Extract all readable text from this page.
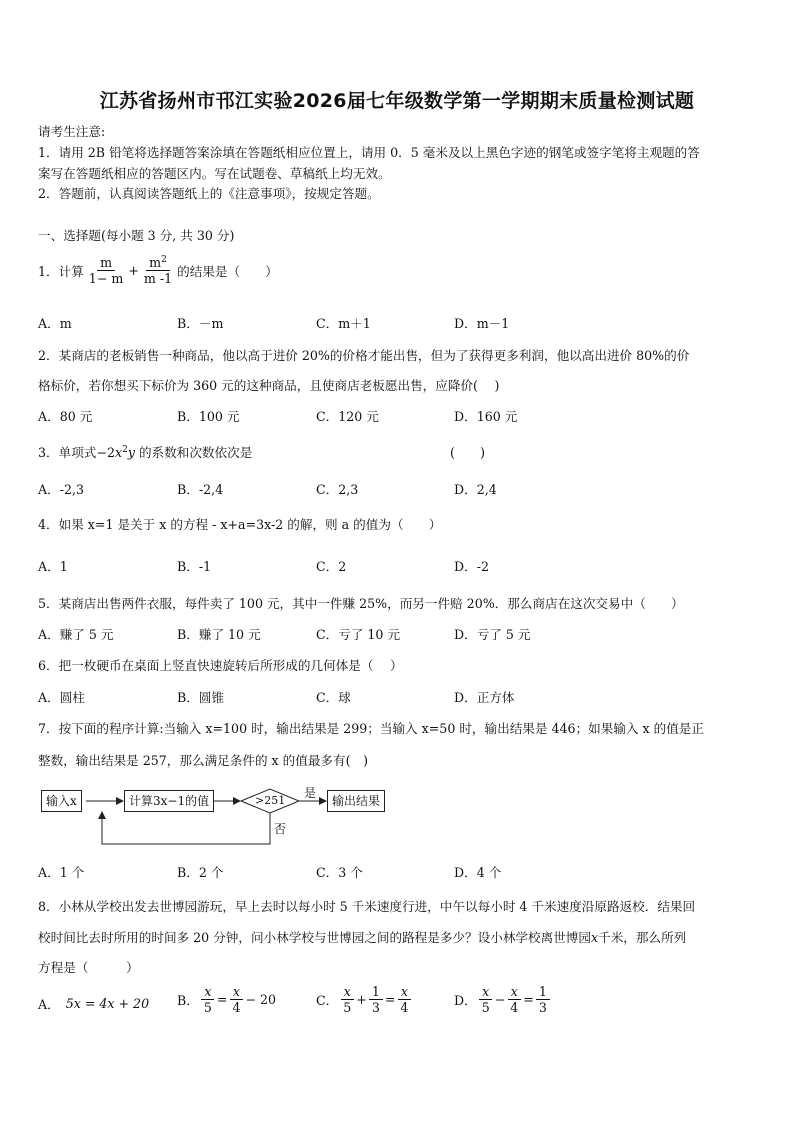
江苏省扬州市邗江实验2026届七年级数学第一学期期末质量检测试题
请考生注意:
1．请用 2B 铅笔将选择题答案涂填在答题纸相应位置上，请用 0．5 毫米及以上黑色字迹的钢笔或签字笔将主观题的答
案写在答题纸相应的答题区内。写在试题卷、草稿纸上均无效。
2．答题前，认真阅读答题纸上的《注意事项》，按规定答题。
一、选择题(每小题 3 分, 共 30 分)
1．计算 $\frac{m}{1- m} + \frac{m^2}{m -1}$ 的结果是（　　）
A．m	B．－m	C．m＋1	D．m－1
2．某商店的老板销售一种商品，他以高于进价 20%的价格才能出售，但为了获得更多利润，他以高出进价 80%的价
格标价，若你想买下标价为 360 元的这种商品，且使商店老板愿出售，应降价(　 )
A．80 元	B．100 元	C．120 元	D．160 元
3．单项式$-2x^2y$ 的系数和次数依次是	(　　)
A．-2,3	B．-2,4	C．2,3	D．2,4
4．如果 x=1 是关于 x 的方程 - x+a=3x-2 的解，则 a 的值为（　　）
A．1	B．-1	C．2	D．-2
5．某商店出售两件衣服，每件卖了 100 元，其中一件赚 25%，而另一件赔 20%．那么商店在这次交易中（　　）
A．赚了 5 元	B．赚了 10 元	C．亏了 10 元	D．亏了 5 元
6．把一枚硬币在桌面上竖直快速旋转后所形成的几何体是（　 ）
A．圆柱	B．圆锥	C．球	D．正方体
7．按下面的程序计算:当输入 x=100 时，输出结果是 299；当输入 x=50 时，输出结果是 446；如果输入 x 的值是正
整数，输出结果是 257，那么满足条件的 x 的值最多有(　)
输入x	计算3x−1的值	>251
是
否
输出结果
A．1 个	B．2 个	C．3 个	D．4 个
8．小林从学校出发去世博园游玩，早上去时以每小时 5 千米速度行进，中午以每小时 4 千米速度沿原路返校．结果回
校时间比去时所用的时间多 20 分钟，问小林学校与世博园之间的路程是多少？设小林学校离世博园x千米，那么所列
方程是（　　　）
A． 5x = 4x + 20 B． $\frac{x}{5} = \frac{x}{4} - 20$	C． $\frac{x}{5} + \frac{1}{3} = \frac{x}{4}$	D． $\frac{x}{5} - \frac{x}{4} = \frac{1}{3}$
